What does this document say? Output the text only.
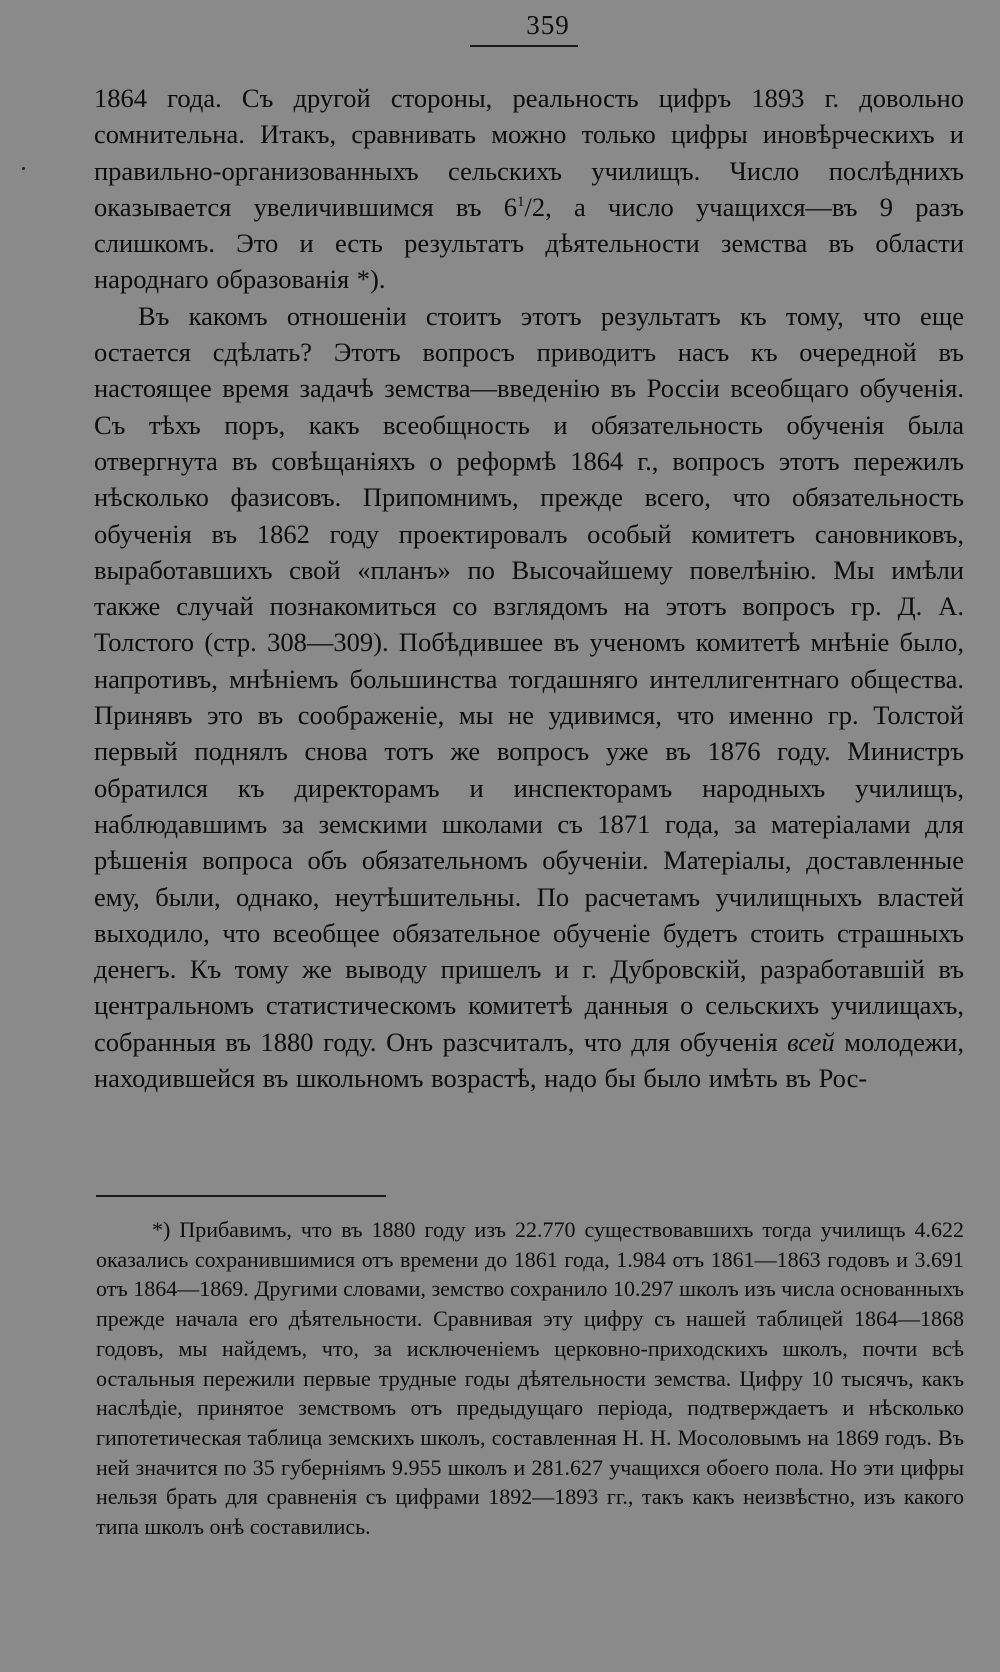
359

1864 года. Съ другой стороны, реальность цифръ 1893 г. довольно сомнительна. Итакъ, сравнивать можно только цифры иновѣрческихъ и правильно-организованныхъ сельскихъ училищъ. Число послѣднихъ оказывается увеличившимся въ $6^1/2$, а число учащихся—въ 9 разъ слишкомъ. Это и есть результатъ дѣятельности земства въ области народнаго образованія *).

Въ какомъ отношеніи стоитъ этотъ результатъ къ тому, что еще остается сдѣлать? Этотъ вопросъ приводитъ насъ къ очередной въ настоящее время задачѣ земства—введенію въ Россіи всеобщаго обученія. Съ тѣхъ поръ, какъ всеобщность и обязательность обученія была отвергнута въ совѣщаніяхъ о реформѣ 1864 г., вопросъ этотъ пережилъ нѣсколько фазисовъ. Припомнимъ, прежде всего, что обязательность обученія въ 1862 году проектировалъ особый комитетъ сановниковъ, выработавшихъ свой «планъ» по Высочайшему повелѣнію. Мы имѣли также случай познакомиться со взглядомъ на этотъ вопросъ гр. Д. А. Толстого (стр. 308—309). Побѣдившее въ ученомъ комитетѣ мнѣніе было, напротивъ, мнѣніемъ большинства тогдашняго интеллигентнаго общества. Принявъ это въ соображеніе, мы не удивимся, что именно гр. Толстой первый поднялъ снова тотъ же вопросъ уже въ 1876 году. Министръ обратился къ директорамъ и инспекторамъ народныхъ училищъ, наблюдавшимъ за земскими школами съ 1871 года, за матеріалами для рѣшенія вопроса объ обязательномъ обученіи. Матеріалы, доставленные ему, были, однако, неутѣшительны. По расчетамъ училищныхъ властей выходило, что всеобщее обязательное обученіе будетъ стоить страшныхъ денегъ. Къ тому же выводу пришелъ и г. Дубровскій, разработавшій въ центральномъ статистическомъ комитетѣ данныя о сельскихъ училищахъ, собранныя въ 1880 году. Онъ разсчиталъ, что для обученія всей молодежи, находившейся въ школьномъ возрастѣ, надо бы было имѣть въ Рос-

*) Прибавимъ, что въ 1880 году изъ 22.770 существовавшихъ тогда училищъ 4.622 оказались сохранившимися отъ времени до 1861 года, 1.984 отъ 1861—1863 годовъ и 3.691 отъ 1864—1869. Другими словами, земство сохранило 10.297 школъ изъ числа основанныхъ прежде начала его дѣятельности. Сравнивая эту цифру съ нашей таблицей 1864—1868 годовъ, мы найдемъ, что, за исключеніемъ церковно-приходскихъ школъ, почти всѣ остальныя пережили первые трудные годы дѣятельности земства. Цифру 10 тысячъ, какъ наслѣдіе, принятое земствомъ отъ предыдущаго періода, подтверждаетъ и нѣсколько гипотетическая таблица земскихъ школъ, составленная Н. Н. Мосоловымъ на 1869 годъ. Въ ней значится по 35 губерніямъ 9.955 школъ и 281.627 учащихся обоего пола. Но эти цифры нельзя брать для сравненія съ цифрами 1892—1893 гг., такъ какъ неизвѣстно, изъ какого типа школъ онѣ составились.
